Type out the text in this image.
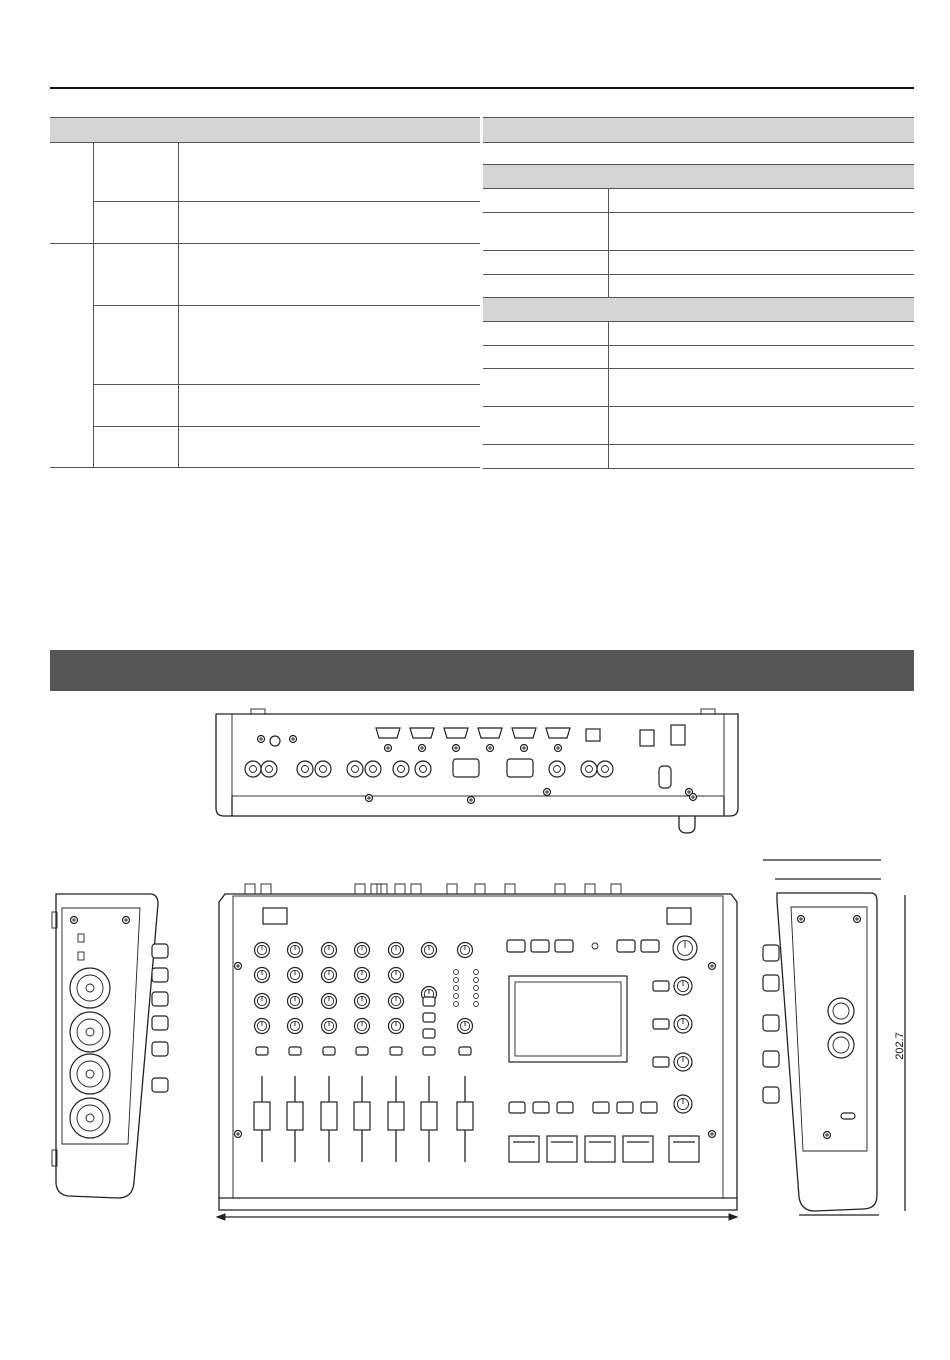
202.7
